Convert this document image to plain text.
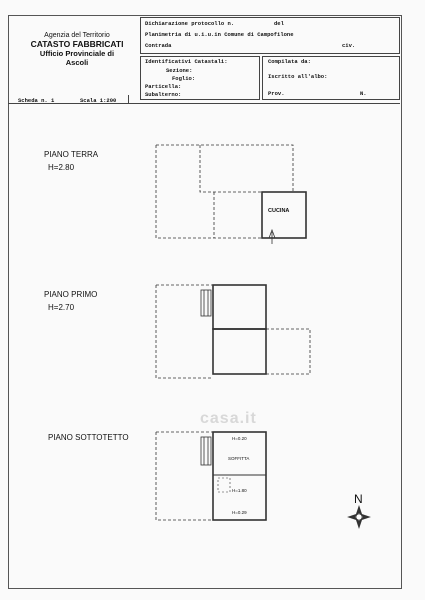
Agenzia del Territorio
CATASTO FABBRICATI
Ufficio Provinciale di
Ascoli
Dichiarazione protocollo n.	del
Planimetria di u.i.u.in Comune di Campofilone
Contrada	civ.
Identificativi Catastali:
Sezione:
Foglio:
Particella:
Subalterno:
Compilata da:
Iscritto all'albo:
Prov.	N.
Scheda n. 1	Scala 1:200
PIANO TERRA
H=2.80
PIANO PRIMO
H=2.70
PIANO SOTTOTETTO
casa.it
N
CUCINA
SOFFITTA
H=0.20
H=1.80
H=0.29
